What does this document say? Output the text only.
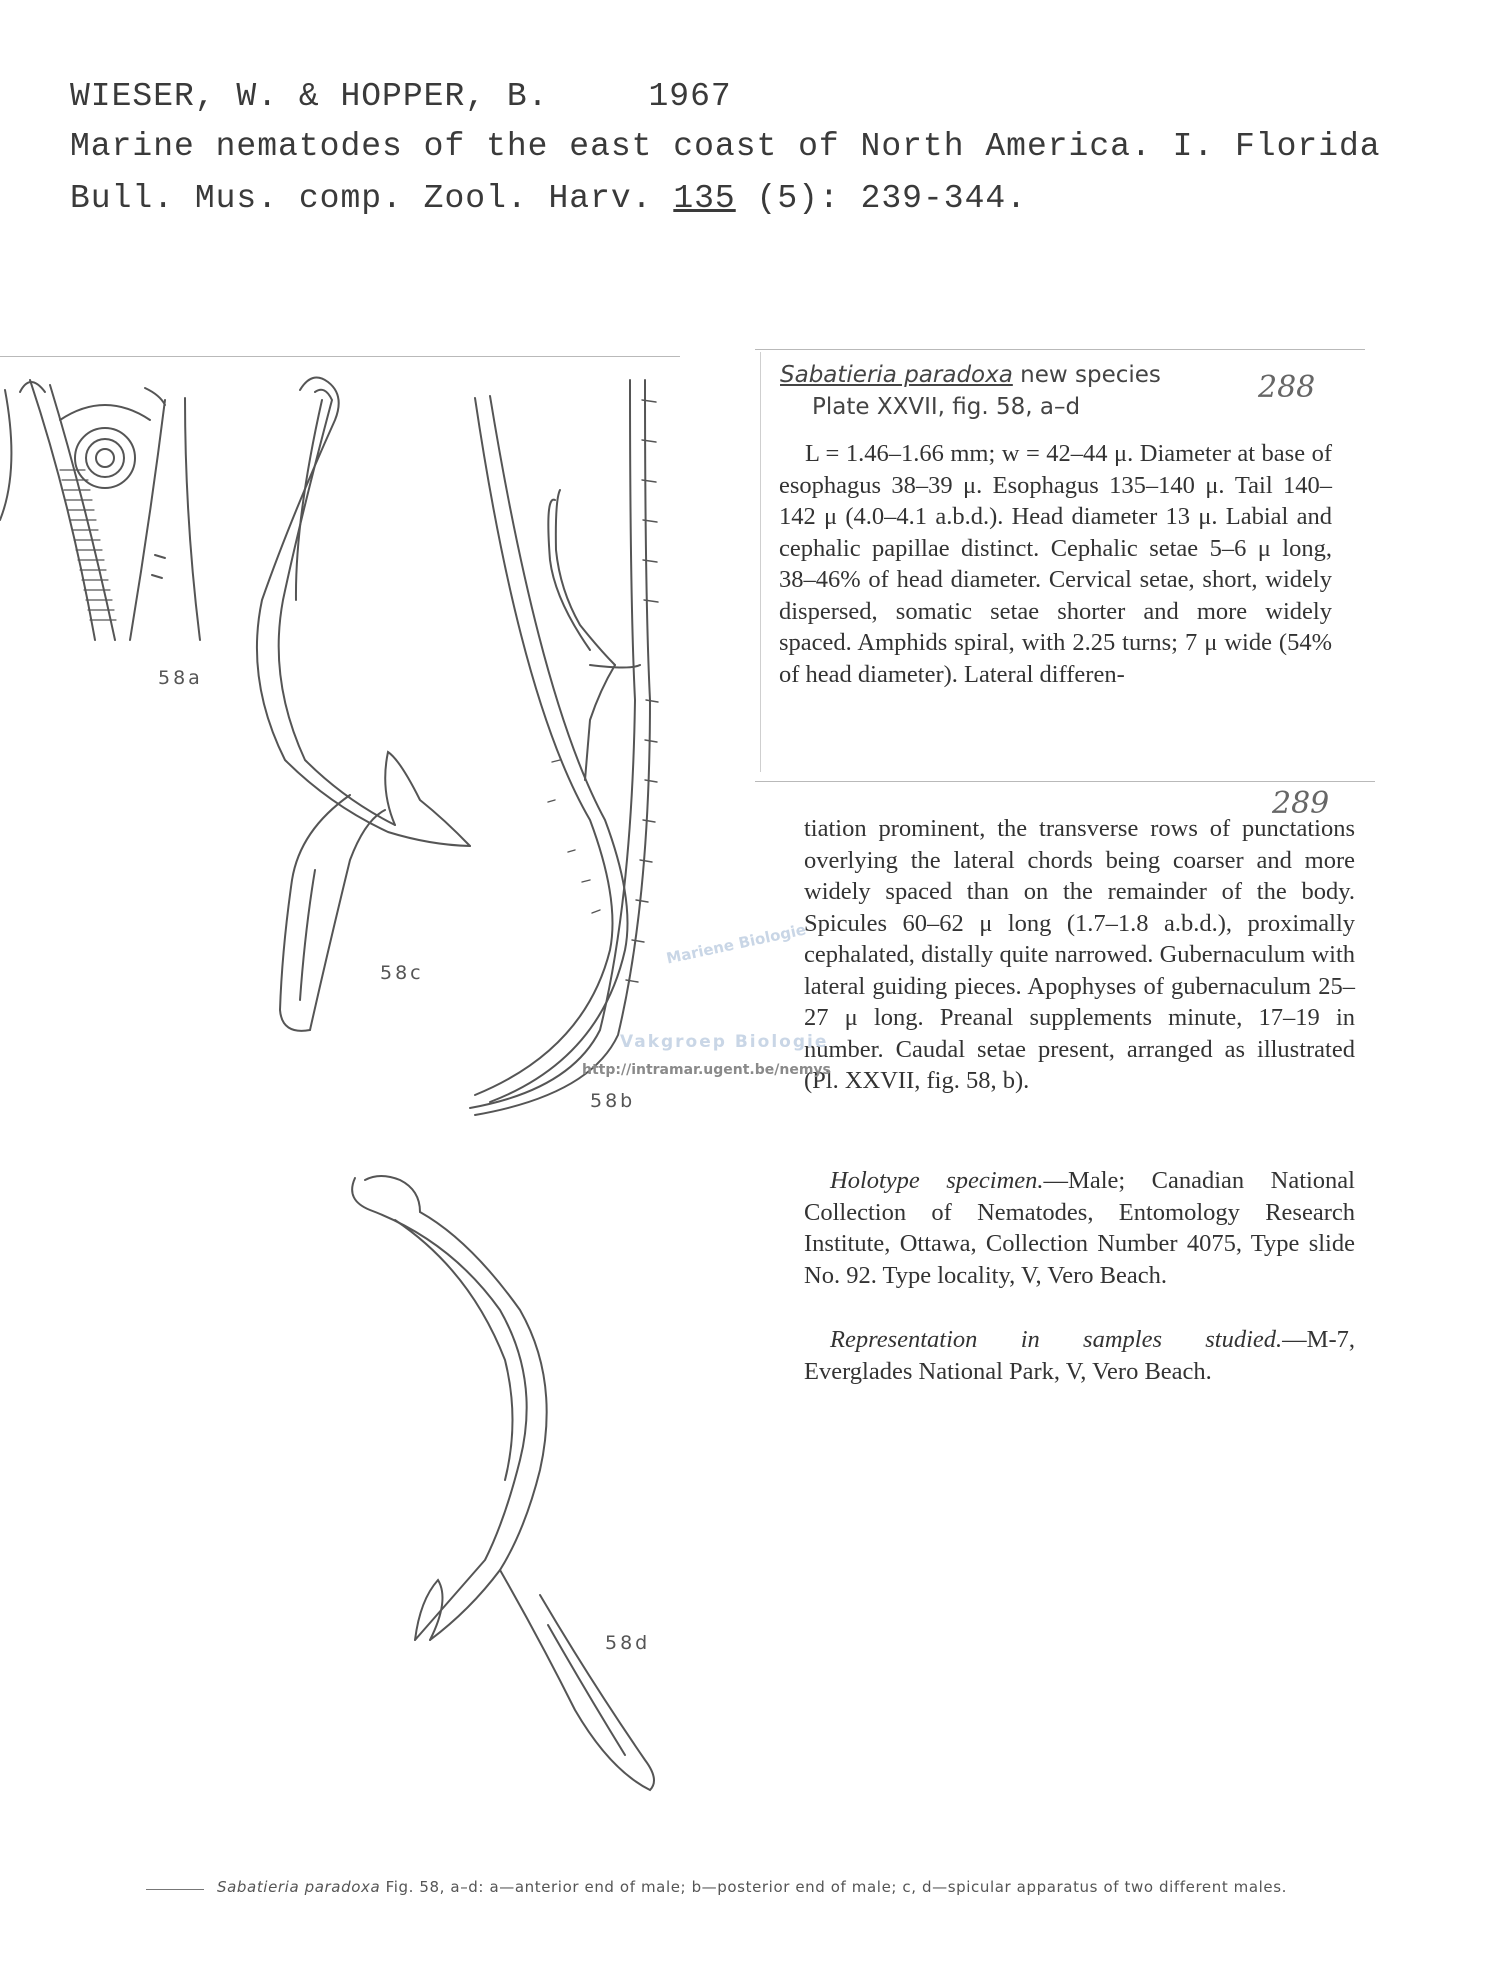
WIESER, W. & HOPPER, B.	1967
Marine nematodes of the east coast of North America. I. Florida
Bull. Mus. comp. Zool. Harv. 135 (5): 239-344.
Sabatieria paradoxa new species
Plate XXVII, fig. 58, a–d
288
289
L = 1.46–1.66 mm; w = 42–44 μ. Diameter at base of esophagus 38–39 μ. Esophagus 135–140 μ. Tail 140–142 μ (4.0–4.1 a.b.d.). Head diameter 13 μ. Labial and cephalic papillae distinct. Cephalic setae 5–6 μ long, 38–46% of head diameter. Cervical setae, short, widely dispersed, somatic setae shorter and more widely spaced. Amphids spiral, with 2.25 turns; 7 μ wide (54% of head diameter). Lateral differen-
tiation prominent, the transverse rows of punctations overlying the lateral chords being coarser and more widely spaced than on the remainder of the body. Spicules 60–62 μ long (1.7–1.8 a.b.d.), proximally cephalated, distally quite narrowed. Gubernaculum with lateral guiding pieces. Apophyses of gubernaculum 25–27 μ long. Preanal supplements minute, 17–19 in number. Caudal setae present, arranged as illustrated (Pl. XXVII, fig. 58, b).
Holotype specimen.—Male; Canadian National Collection of Nematodes, Entomology Research Institute, Ottawa, Collection Number 4075, Type slide No. 92. Type locality, V, Vero Beach.
Representation in samples studied.—M-7, Everglades National Park, V, Vero Beach.
58a
58c
58b
58d
Mariene Biologie
Vakgroep Biologie
http://intramar.ugent.be/nemys
Sabatieria paradoxa Fig. 58, a–d: a—anterior end of male; b—posterior end of male; c, d—spicular apparatus of two different males.
